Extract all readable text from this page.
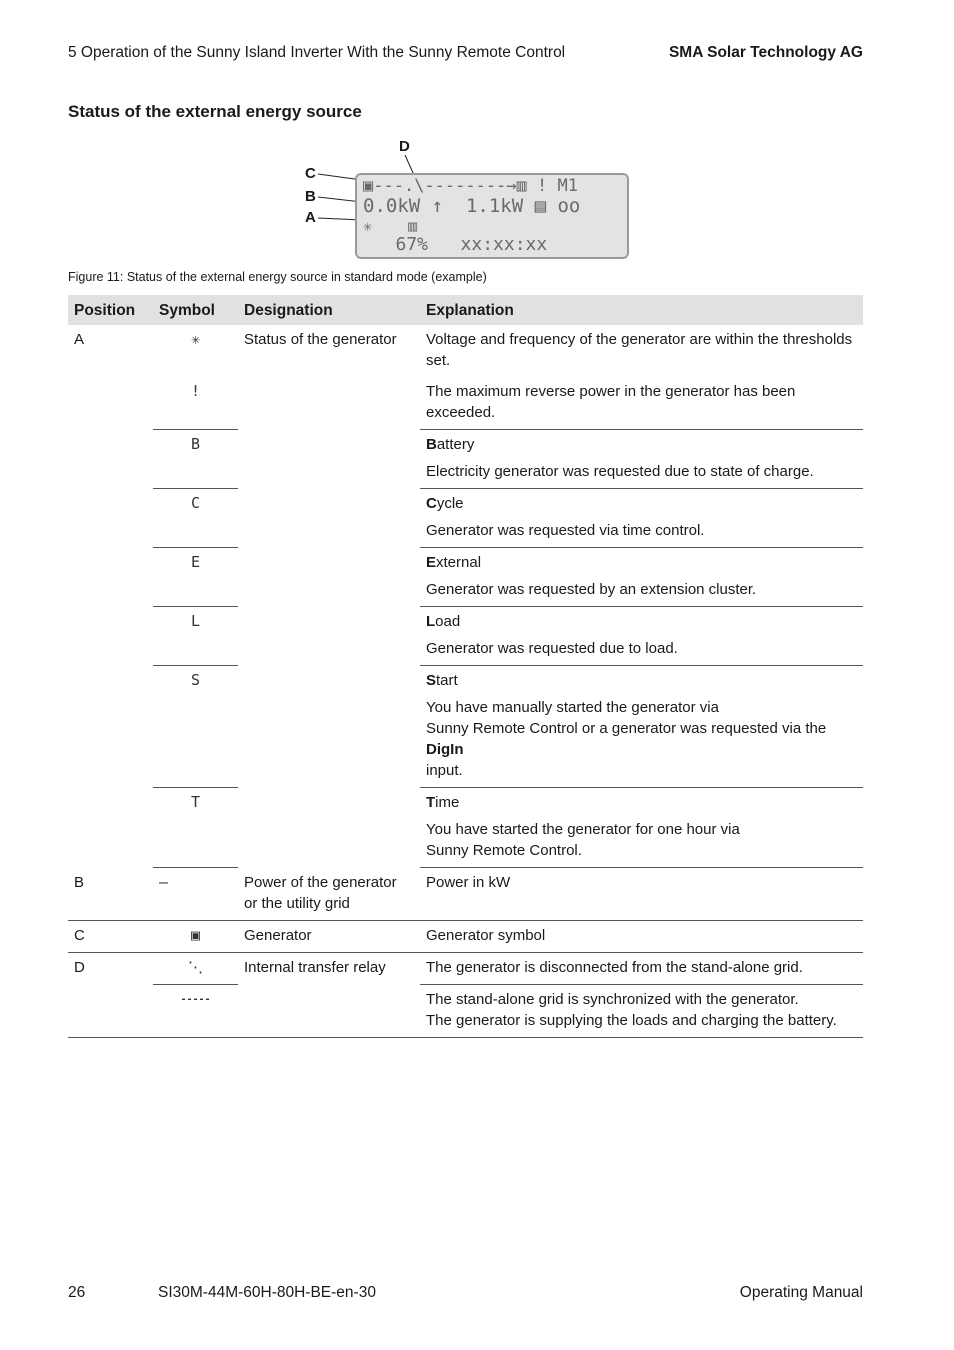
5 Operation of the Sunny Island Inverter With the Sunny Remote Control	SMA Solar Technology AG
Status of the external energy source
C
B
A
D
▣---.\--------→▥ ! M1
0.0kW ↑  1.1kW ▤ oo
✳    ▥
67%   xx:xx:xx
Figure 11: Status of the external energy source in standard mode (example)
Position	Symbol	Designation	Explanation
A	✳	Status of the generator	Voltage and frequency of the generator are within the thresholds set.
	!		The maximum reverse power in the generator has been exceeded.
	B		Battery
Electricity generator was requested due to state of charge.

	C		Cycle
Generator was requested via time control.

	E		External
Generator was requested by an extension cluster.

	L		Load
Generator was requested due to load.

	S		Start
You have manually started the generator via
Sunny Remote Control or a generator was requested via the DigIn
input.

	T		Time
You have started the generator for one hour via
Sunny Remote Control.

B	–	Power of the generator or the utility grid	Power in kW
C	▣	Generator	Generator symbol
D	⋱	Internal transfer relay	The generator is disconnected from the stand-alone grid.
	-----		The stand-alone grid is synchronized with the generator.
The generator is supplying the loads and charging the battery.
26	SI30M-44M-60H-80H-BE-en-30	Operating Manual
